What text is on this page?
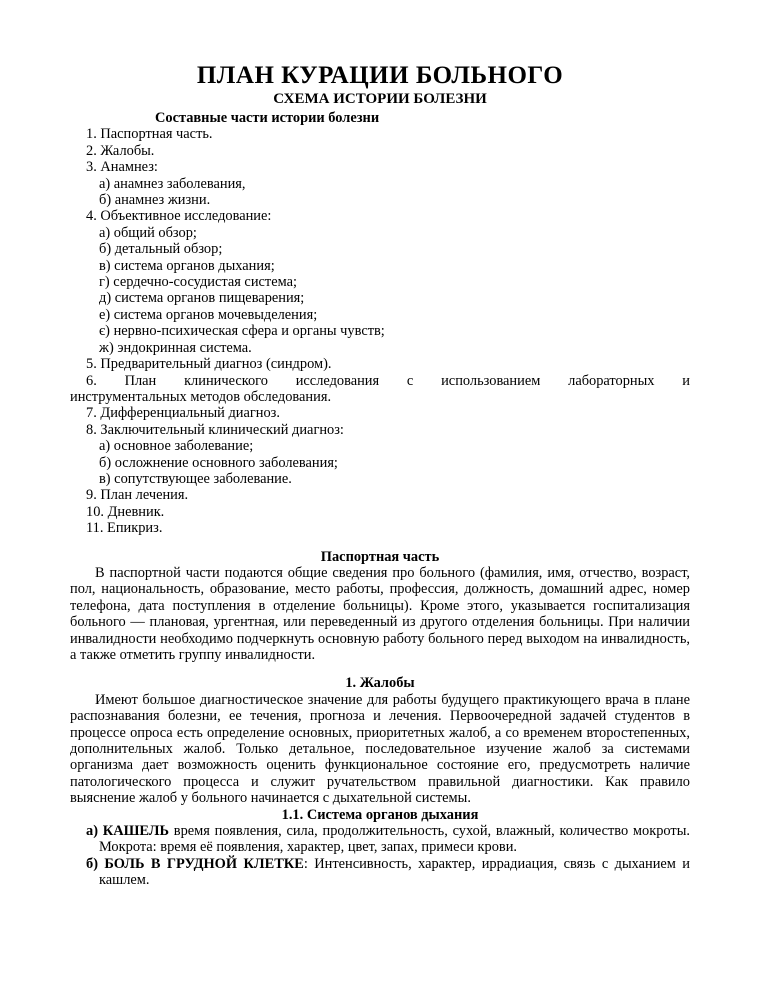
ПЛАН КУРАЦИИ БОЛЬНОГО
СХЕМА ИСТОРИИ БОЛЕЗНИ

Составные части истории болезни

1. Паспортная часть.
2. Жалобы.
3. Анамнез:
а) анамнез заболевания,
б) анамнез жизни.
4. Объективное исследование:
а) общий обзор;
б) детальный обзор;
в) система органов дыхания;
г) сердечно-сосудистая система;
д) система органов пищеварения;
е) система органов мочевыделения;
є) нервно-психическая сфера и органы чувств;
ж) эндокринная система.
5. Предварительный диагноз (синдром).
6. План клинического исследования с использованием лабораторных и
инструментальных методов обследования.
7. Дифференциальный диагноз.
8. Заключительный клинический диагноз:
а) основное заболевание;
б) осложнение основного заболевания;
в) сопутствующее заболевание.
9. План лечения.
10. Дневник.
11. Епикриз.

Паспортная часть

В паспортной части подаются общие сведения про больного (фамилия, имя, отчество, возраст, пол, национальность, образование, место работы, профессия, должность, домашний адрес, номер телефона, дата поступления в отделение больницы). Кроме этого, указывается госпитализация больного — плановая, ургентная, или переведенный из другого отделения больницы. При наличии инвалидности необходимо подчеркнуть основную работу больного перед выходом на инвалидность, а также отметить группу инвалидности.

1. Жалобы

Имеют большое диагностическое значение для работы будущего практикующего врача в плане распознавания болезни, ее течения, прогноза и лечения. Первоочередной задачей студентов в процессе опроса есть определение основных, приоритетных жалоб, а со временем второстепенных, дополнительных жалоб. Только детальное, последовательное изучение жалоб за системами организма дает возможность оценить функциональное состояние его, предусмотреть наличие патологического процесса и служит ручательством правильной диагностики. Как правило выяснение жалоб у больного начинается с дыхательной системы.

1.1. Система органов дыхания

а) КАШЕЛЬ время появления, сила, продолжительность, сухой, влажный, количество мокроты. Мокрота: время её появления, характер, цвет, запах, примеси крови.
б) БОЛЬ В ГРУДНОЙ КЛЕТКЕ: Интенсивность, характер, иррадиация, связь с дыханием и кашлем.
